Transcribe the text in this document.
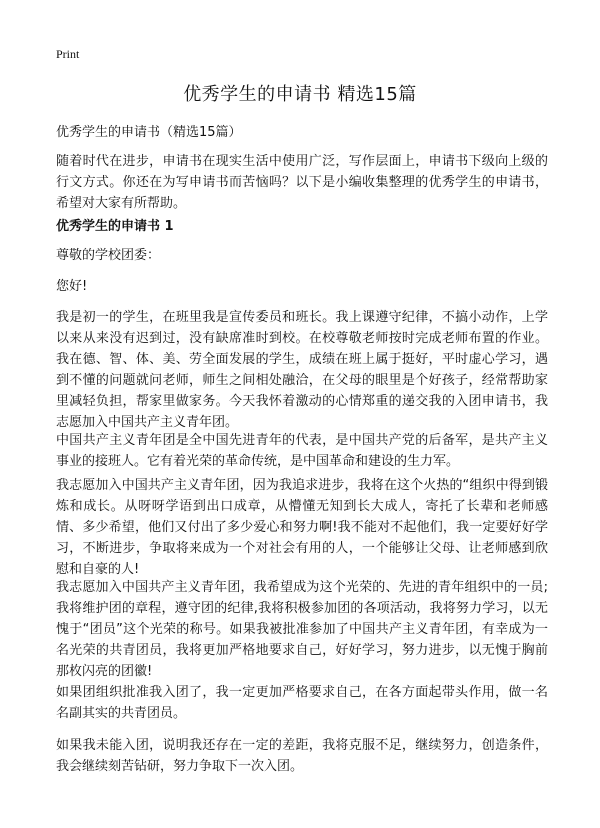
Print
优秀学生的申请书 精选15篇
优秀学生的申请书（精选15篇）

随着时代在进步，申请书在现实生活中使用广泛，写作层面上，申请书下级向上级的行文方式。你还在为写申请书而苦恼吗？以下是小编收集整理的优秀学生的申请书，希望对大家有所帮助。

优秀学生的申请书 1

尊敬的学校团委：

您好!

我是初一的学生，在班里我是宣传委员和班长。我上课遵守纪律，不搞小动作，上学以来从来没有迟到过，没有缺席准时到校。在校尊敬老师按时完成老师布置的作业。我在德、智、体、美、劳全面发展的学生，成绩在班上属于挺好，平时虚心学习，遇到不懂的问题就问老师，师生之间相处融洽，在父母的眼里是个好孩子，经常帮助家里减轻负担，帮家里做家务。今天我怀着激动的心情郑重的递交我的入团申请书，我志愿加入中国共产主义青年团。

中国共产主义青年团是全中国先进青年的代表，是中国共产党的后备军，是共产主义事业的接班人。它有着光荣的革命传统，是中国革命和建设的生力军。

我志愿加入中国共产主义青年团，因为我追求进步，我将在这个火热的“组织中得到锻炼和成长。从呀呀学语到出口成章，从懵懂无知到长大成人，寄托了长辈和老师感情、多少希望，他们又付出了多少爱心和努力啊!我不能对不起他们，我一定要好好学习，不断进步，争取将来成为一个对社会有用的人，一个能够让父母、让老师感到欣慰和自豪的人!

我志愿加入中国共产主义青年团，我希望成为这个光荣的、先进的青年组织中的一员;我将维护团的章程，遵守团的纪律,我将积极参加团的各项活动，我将努力学习，以无愧于“团员”这个光荣的称号。如果我被批准参加了中国共产主义青年团，有幸成为一名光荣的共青团员，我将更加严格地要求自己，好好学习，努力进步，以无愧于胸前那枚闪亮的团徽!

如果团组织批准我入团了，我一定更加严格要求自己，在各方面起带头作用，做一名名副其实的共青团员。

如果我未能入团，说明我还存在一定的差距，我将克服不足，继续努力，创造条件，我会继续刻苦钻研，努力争取下一次入团。
